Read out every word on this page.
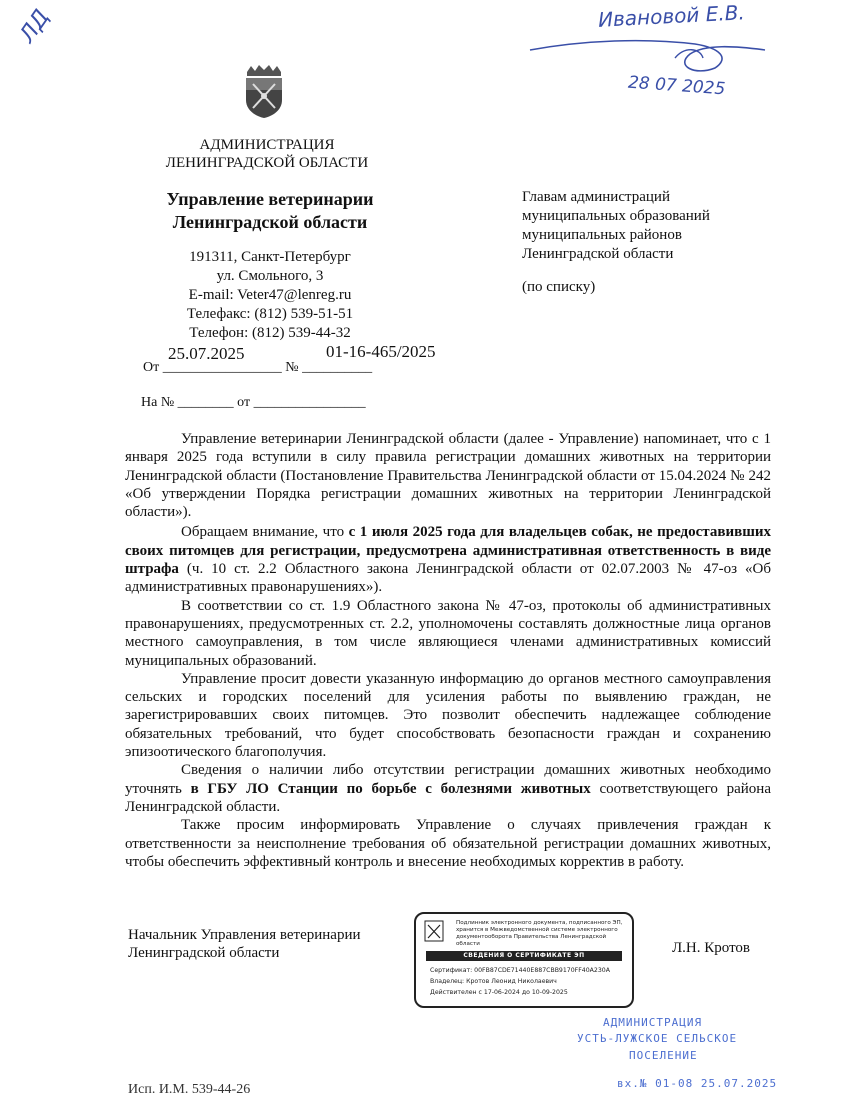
ЛД	Ивановой Е.В.
28 07 2025
АДМИНИСТРАЦИЯ ЛЕНИНГРАДСКОЙ ОБЛАСТИ
Управление ветеринарии
Ленинградской области
191311, Санкт-Петербург
ул. Смольного, 3
E-mail: Veter47@lenreg.ru
Телефакс: (812) 539-51-51
Телефон: (812) 539-44-32
25.07.2025	01-16-465/2025
От _________________ № __________
На № ________ от ________________
Главам администраций
муниципальных образований
муниципальных районов
Ленинградской области
(по списку)

Управление ветеринарии Ленинградской области (далее - Управление) напоминает, что с 1 января 2025 года вступили в силу правила регистрации домашних животных на территории Ленинградской области (Постановление Правительства Ленинградской области от 15.04.2024 № 242 «Об утверждении Порядка регистрации домашних животных на территории Ленинградской области»).

Обращаем внимание, что с 1 июля 2025 года для владельцев собак, не предоставивших своих питомцев для регистрации, предусмотрена административная ответственность в виде штрафа (ч. 10 ст. 2.2 Областного закона Ленинградской области от 02.07.2003 № 47-оз «Об административных правонарушениях»).

В соответствии со ст. 1.9 Областного закона № 47-оз, протоколы об административных правонарушениях, предусмотренных ст. 2.2, уполномочены составлять должностные лица органов местного самоуправления, в том числе являющиеся членами административных комиссий муниципальных образований.

Управление просит довести указанную информацию до органов местного самоуправления сельских и городских поселений для усиления работы по выявлению граждан, не зарегистрировавших своих питомцев. Это позволит обеспечить надлежащее соблюдение обязательных требований, что будет способствовать безопасности граждан и сохранению эпизоотического благополучия.

Сведения о наличии либо отсутствии регистрации домашних животных необходимо уточнять в ГБУ ЛО Станции по борьбе с болезнями животных соответствующего района Ленинградской области.

Также просим информировать Управление о случаях привлечения граждан к ответственности за неисполнение требования об обязательной регистрации домашних животных, чтобы обеспечить эффективный контроль и внесение необходимых корректив в работу.

Начальник Управления ветеринарии
Ленинградской области	Л.Н. Кротов
Подлинник электронного документа, подписанного ЭП, хранится в Межведомственной системе электронного документооборота Правительства Ленинградской области
СВЕДЕНИЯ О СЕРТИФИКАТЕ ЭП
Сертификат: 00FB87CDE71440E887CBB9170FF40A230A
Владелец: Кротов Леонид Николаевич
Действителен с 17-06-2024 до 10-09-2025
АДМИНИСТРАЦИЯ
УСТЬ-ЛУЖСКОЕ СЕЛЬСКОЕ
ПОСЕЛЕНИЕ
вх.№ 01-08 25.07.2025
Исп. И.М. 539-44-26
